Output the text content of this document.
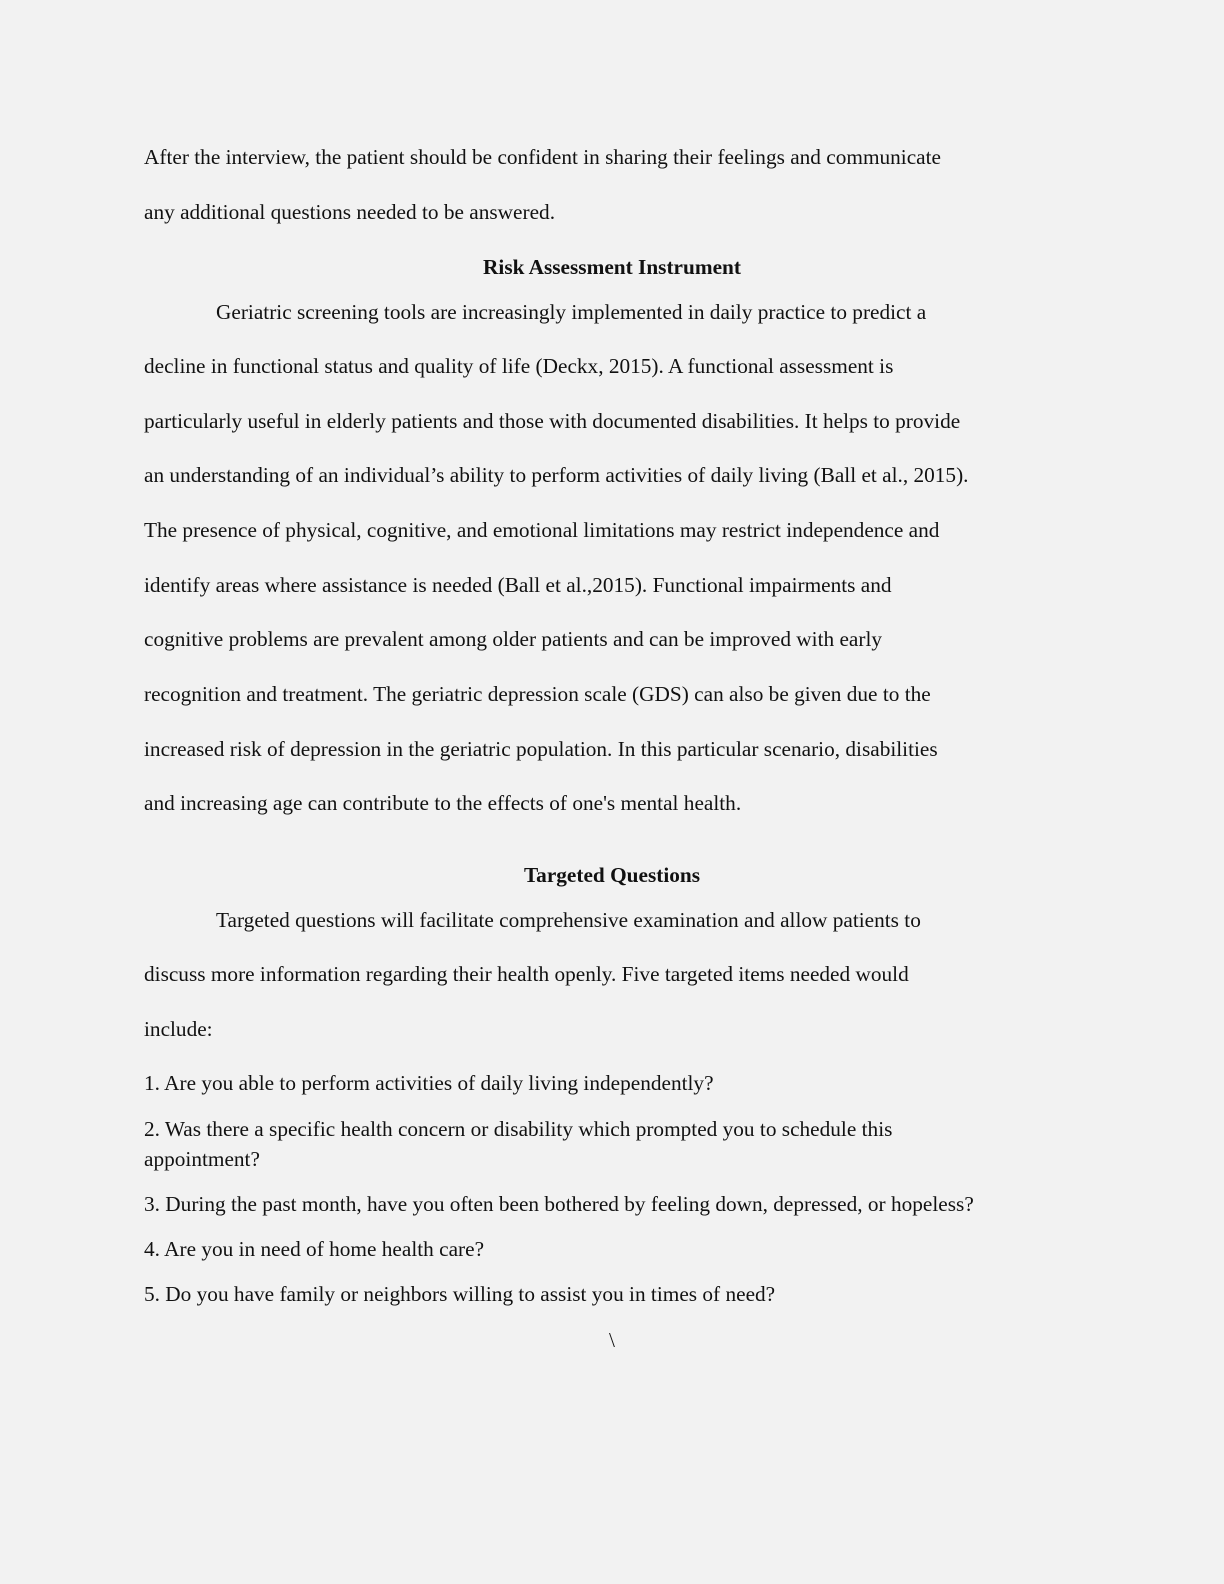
After the interview, the patient should be confident in sharing their feelings and communicate
any additional questions needed to be answered.
Risk Assessment Instrument
Geriatric screening tools are increasingly implemented in daily practice to predict a
decline in functional status and quality of life (Deckx, 2015). A functional assessment is
particularly useful in elderly patients and those with documented disabilities. It helps to provide
an understanding of an individual’s ability to perform activities of daily living (Ball et al., 2015).
The presence of physical, cognitive, and emotional limitations may restrict independence and
identify areas where assistance is needed (Ball et al.,2015). Functional impairments and
cognitive problems are prevalent among older patients and can be improved with early
recognition and treatment. The geriatric depression scale (GDS) can also be given due to the
increased risk of depression in the geriatric population. In this particular scenario, disabilities
and increasing age can contribute to the effects of one's mental health.
Targeted Questions
Targeted questions will facilitate comprehensive examination and allow patients to
discuss more information regarding their health openly. Five targeted items needed would
include:
1. Are you able to perform activities of daily living independently?
2. Was there a specific health concern or disability which prompted you to schedule this
appointment?
3. During the past month, have you often been bothered by feeling down, depressed, or hopeless?
4. Are you in need of home health care?
5. Do you have family or neighbors willing to assist you in times of need?
\
